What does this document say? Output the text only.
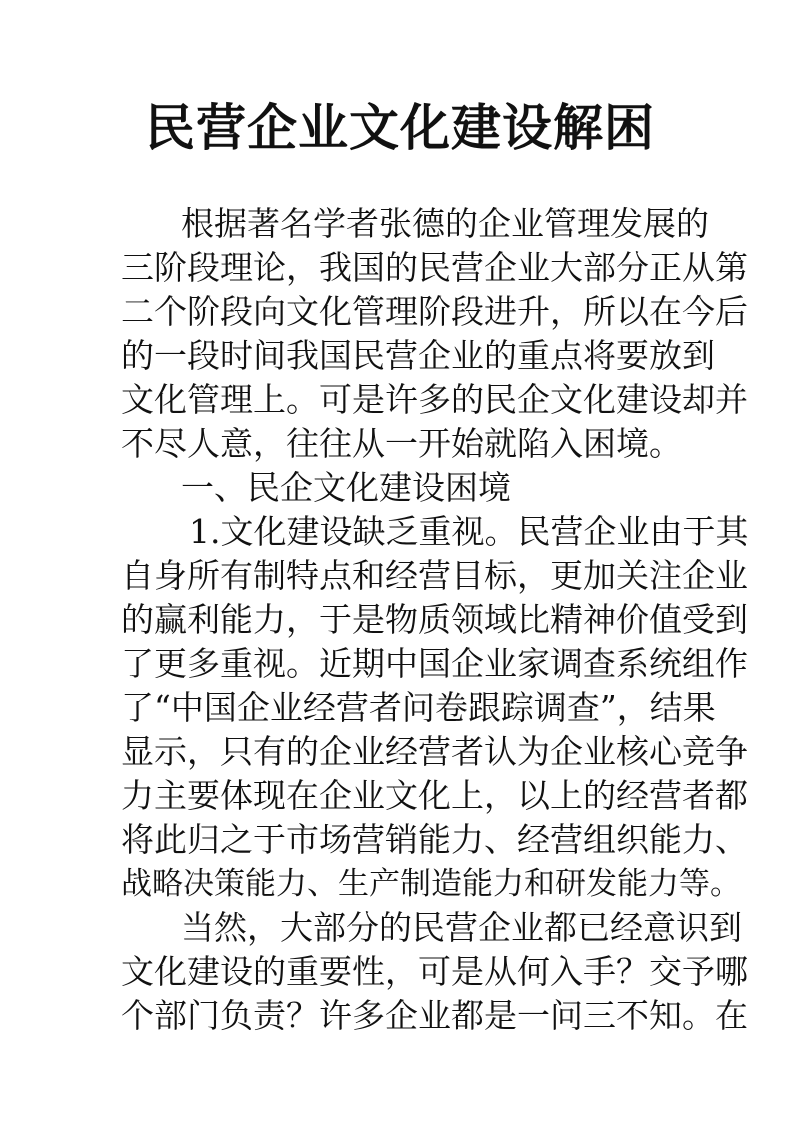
民营企业文化建设解困
根据著名学者张德的企业管理发展的
三阶段理论，我国的民营企业大部分正从第
二个阶段向文化管理阶段进升，所以在今后
的一段时间我国民营企业的重点将要放到
文化管理上。可是许多的民企文化建设却并
不尽人意，往往从一开始就陷入困境。
一、民企文化建设困境
1.文化建设缺乏重视。民营企业由于其
自身所有制特点和经营目标，更加关注企业
的赢利能力，于是物质领域比精神价值受到
了更多重视。近期中国企业家调查系统组作
了“中国企业经营者问卷跟踪调查”，结果
显示，只有的企业经营者认为企业核心竞争
力主要体现在企业文化上，以上的经营者都
将此归之于市场营销能力、经营组织能力、
战略决策能力、生产制造能力和研发能力等。
当然，大部分的民营企业都已经意识到
文化建设的重要性，可是从何入手？交予哪
个部门负责？许多企业都是一问三不知。在
